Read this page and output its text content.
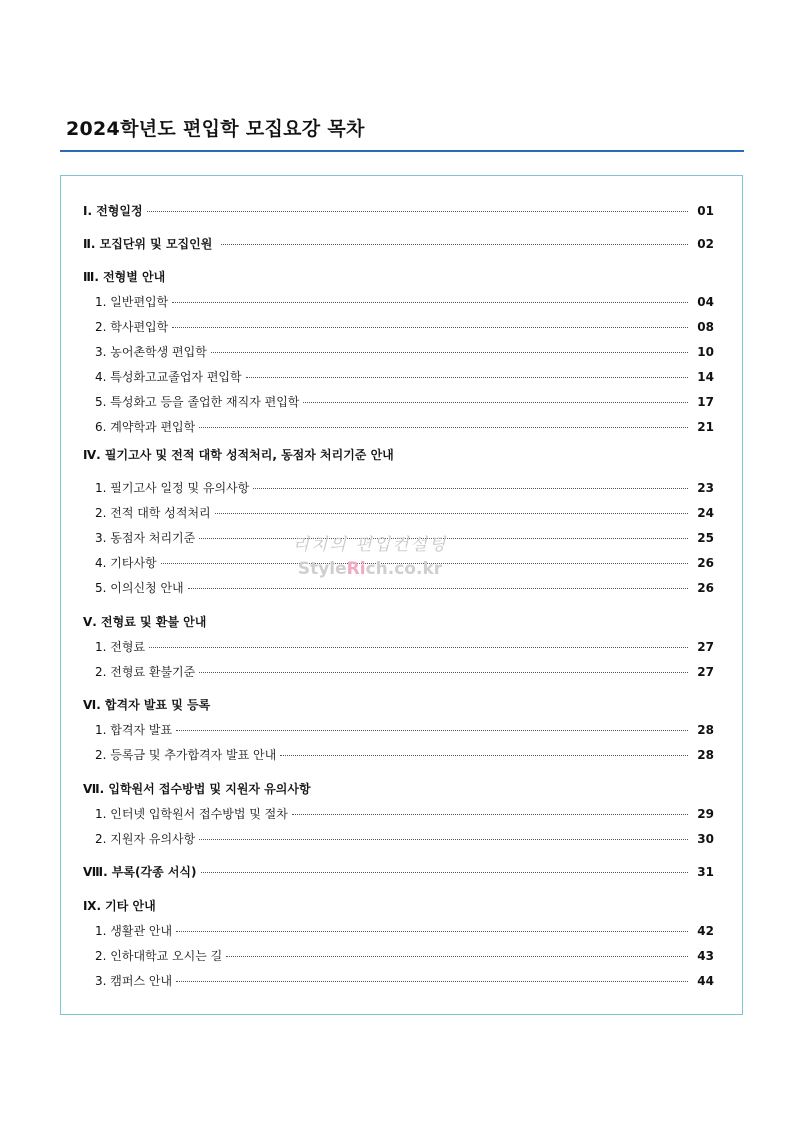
2024학년도 편입학 모집요강 목차
Ⅰ. 전형일정	01
Ⅱ. 모집단위 및 모집인원	02
Ⅲ. 전형별 안내
1. 일반편입학	04
2. 학사편입학	08
3. 농어촌학생 편입학	10
4. 특성화고교졸업자 편입학	14
5. 특성화고 등을 졸업한 재직자 편입학	17
6. 계약학과 편입학	21
Ⅳ. 필기고사 및 전적 대학 성적처리, 동점자 처리기준 안내
1. 필기고사 일정 및 유의사항	23
2. 전적 대학 성적처리	24
3. 동점자 처리기준	25
4. 기타사항	26
5. 이의신청 안내	26
Ⅴ. 전형료 및 환불 안내
1. 전형료	27
2. 전형료 환불기준	27
Ⅵ. 합격자 발표 및 등록
1. 합격자 발표	28
2. 등록금 및 추가합격자 발표 안내	28
Ⅶ. 입학원서 접수방법 및 지원자 유의사항
1. 인터넷 입학원서 접수방법 및 절차	29
2. 지원자 유의사항	30
Ⅷ. 부록(각종 서식)	31
Ⅸ. 기타 안내
1. 생활관 안내	42
2. 인하대학교 오시는 길	43
3. 캠퍼스 안내	44
리치의 편입컨설팅
StyleRich.co.kr
